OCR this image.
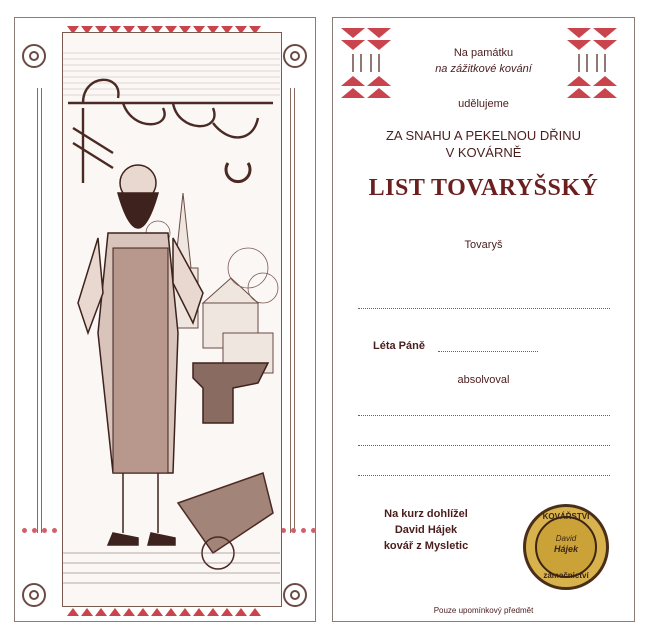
Na památku
na zážitkové kování
udělujeme
ZA SNAHU A PEKELNOU DŘINU
V KOVÁRNĚ
LIST TOVARYŠSKÝ
Tovaryš
Léta Páně
absolvoval
Na kurz dohlížel
David Hájek
kovář z Mysletic
KOVÁŘSTVÍ
David
Hájek
zámečnictví
Pouze upomínkový předmět
